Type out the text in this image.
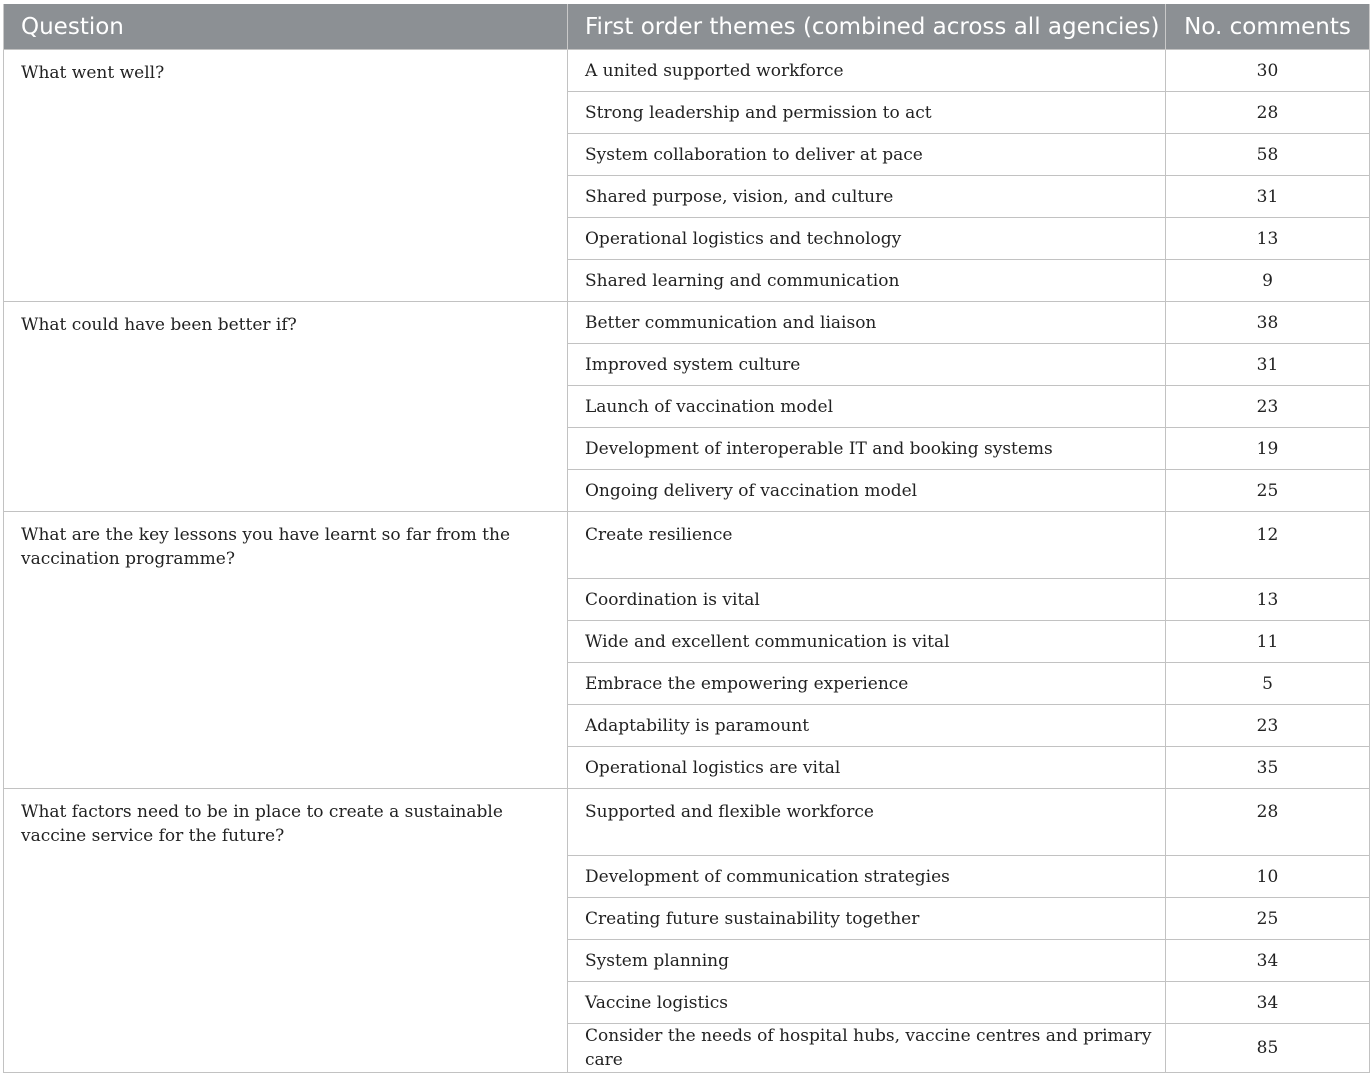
Question	First order themes (combined across all agencies)	No. comments
What went well?	A united supported workforce	30
	Strong leadership and permission to act	28
	System collaboration to deliver at pace	58
	Shared purpose, vision, and culture	31
	Operational logistics and technology	13
	Shared learning and communication	9
What could have been better if?	Better communication and liaison	38
	Improved system culture	31
	Launch of vaccination model	23
	Development of interoperable IT and booking systems	19
	Ongoing delivery of vaccination model	25
What are the key lessons you have learnt so far from the vaccination programme?	Create resilience	12
	Coordination is vital	13
	Wide and excellent communication is vital	11
	Embrace the empowering experience	5
	Adaptability is paramount	23
	Operational logistics are vital	35
What factors need to be in place to create a sustainable vaccine service for the future?	Supported and flexible workforce	28
	Development of communication strategies	10
	Creating future sustainability together	25
	System planning	34
	Vaccine logistics	34
	Consider the needs of hospital hubs, vaccine centres and primary care	85
